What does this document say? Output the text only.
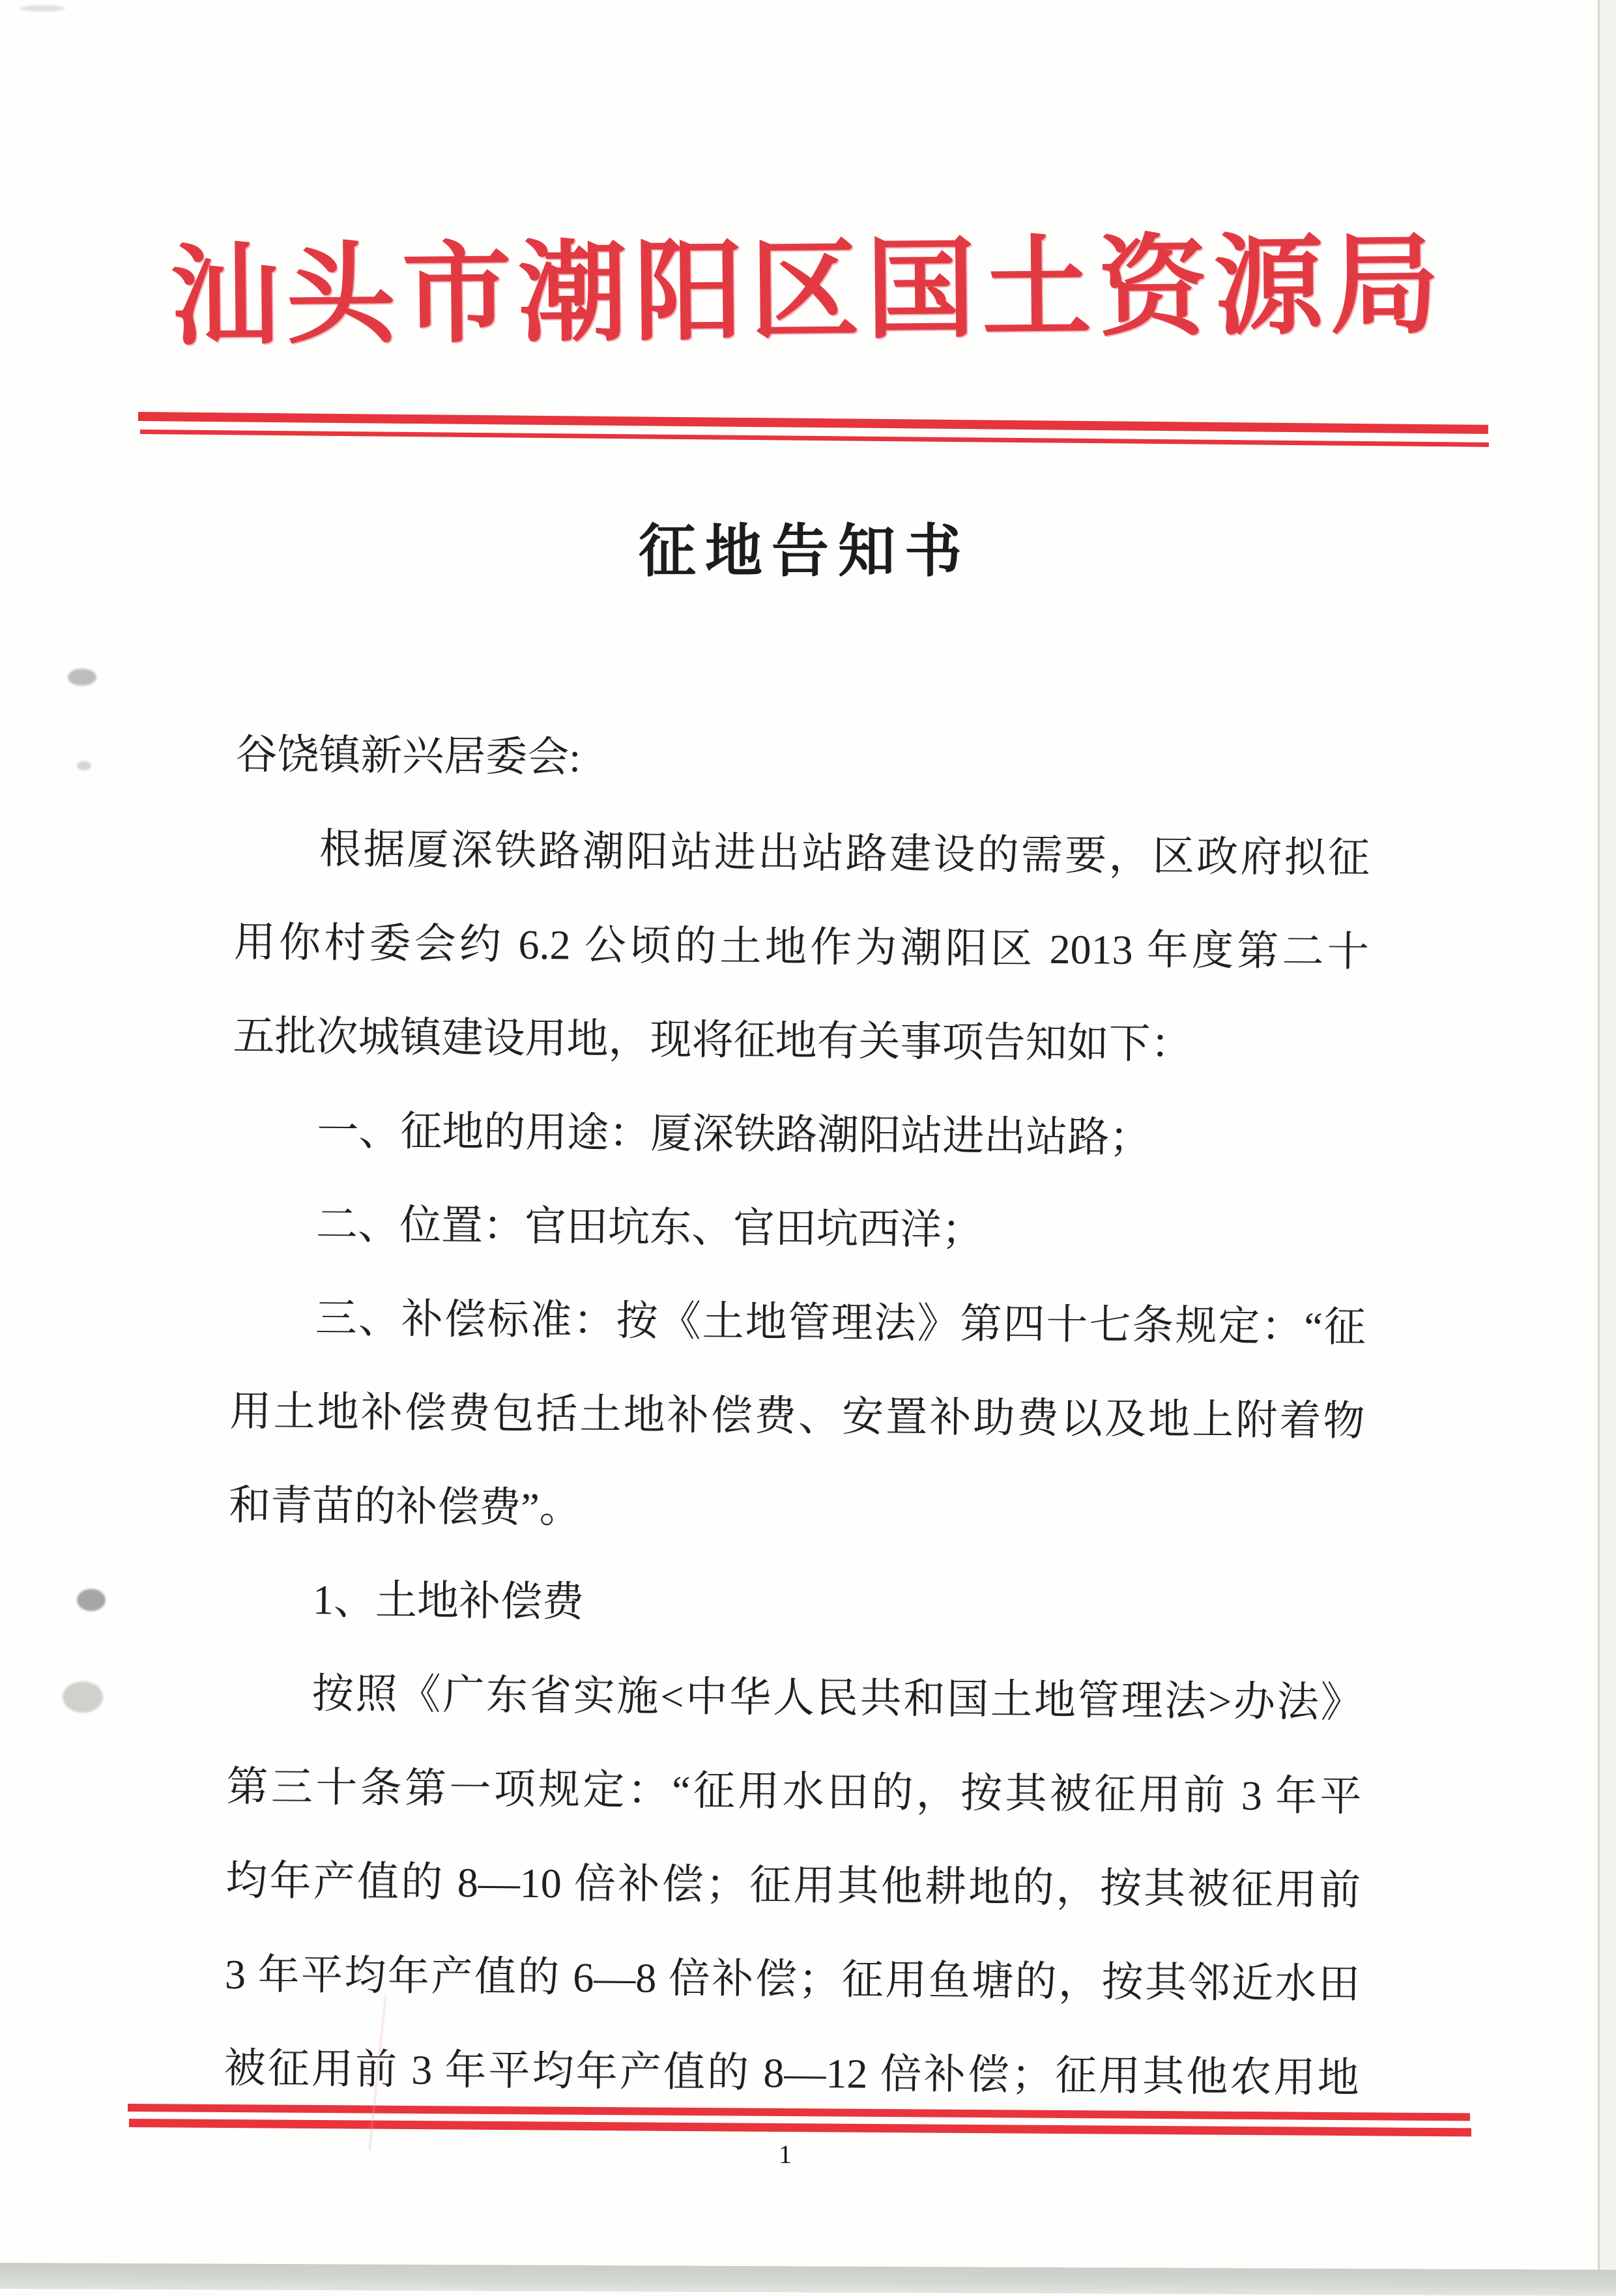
汕头市潮阳区国土资源局
征地告知书
谷饶镇新兴居委会:
根据厦深铁路潮阳站进出站路建设的需要，区政府拟征
用你村委会约 6.2 公顷的土地作为潮阳区 2013 年度第二十
五批次城镇建设用地，现将征地有关事项告知如下：
一、征地的用途：厦深铁路潮阳站进出站路；
二、位置：官田坑东、官田坑西洋；
三、补偿标准：按《土地管理法》第四十七条规定：“征
用土地补偿费包括土地补偿费、安置补助费以及地上附着物
和青苗的补偿费”。
1、土地补偿费
按照《广东省实施<中华人民共和国土地管理法>办法》
第三十条第一项规定：“征用水田的，按其被征用前 3 年平
均年产值的 8—10 倍补偿；征用其他耕地的，按其被征用前
3 年平均年产值的 6—8 倍补偿；征用鱼塘的，按其邻近水田
被征用前 3 年平均年产值的 8—12 倍补偿；征用其他农用地
1
